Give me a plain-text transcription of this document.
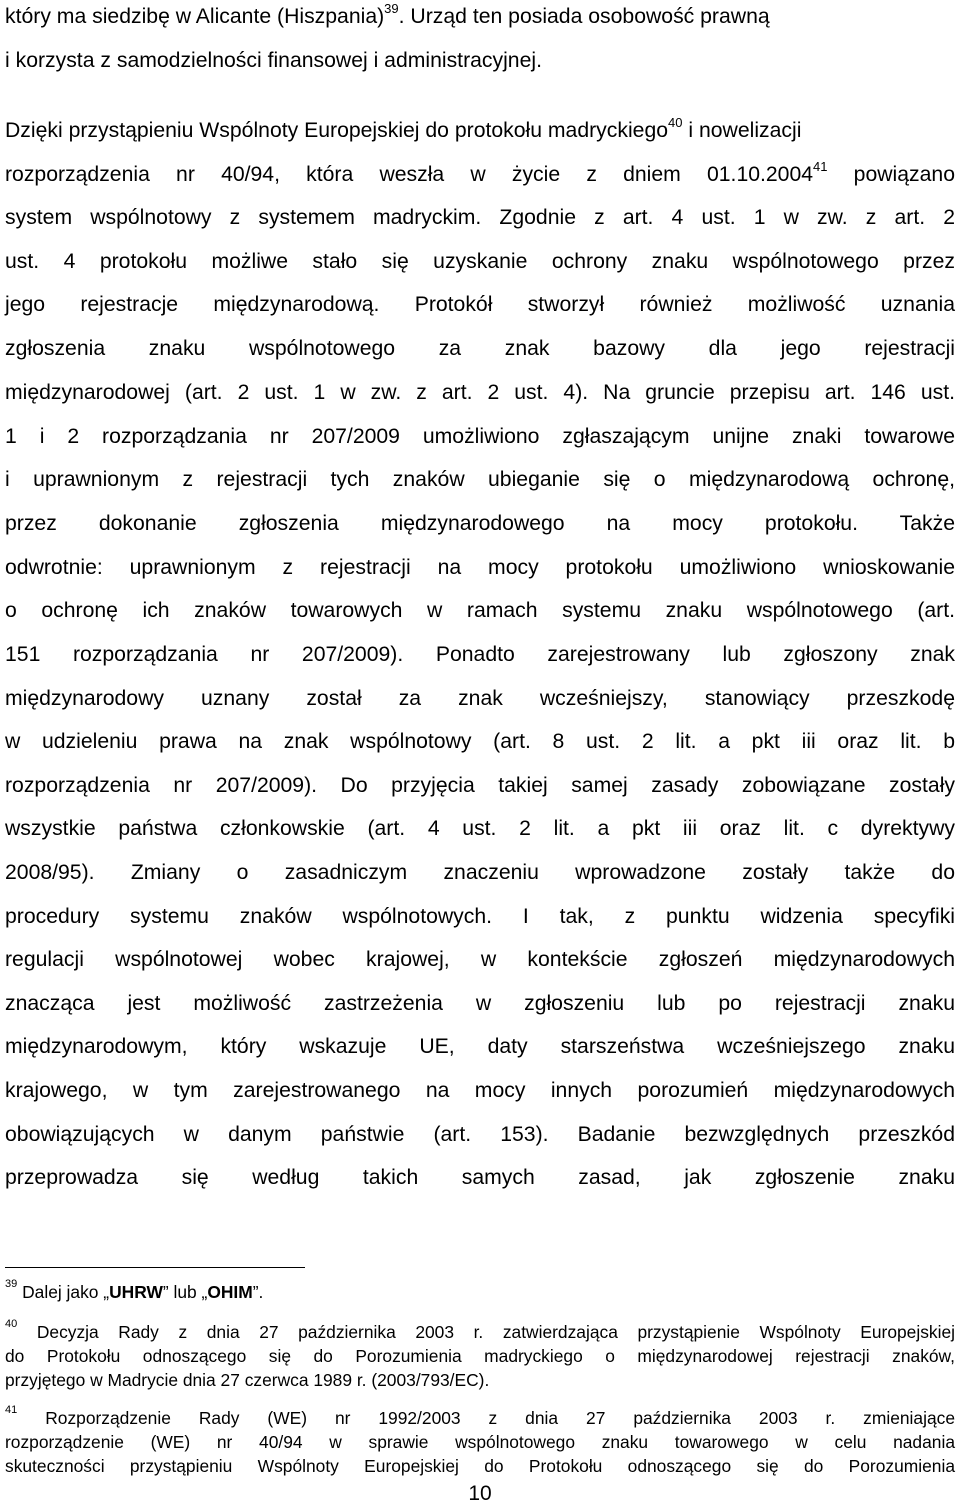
który ma siedzibę w Alicante (Hiszpania)$^{39}$. Urząd ten posiada osobowość prawną
i korzysta z samodzielności finansowej i administracyjnej.
Dzięki przystąpieniu Wspólnoty Europejskiej do protokołu madryckiego$^{40}$ i nowelizacji
rozporządzenia nr 40/94, która weszła w życie z dniem 01.10.2004$^{41}$ powiązano
system wspólnotowy z systemem madryckim. Zgodnie z art. 4 ust. 1 w zw. z art. 2
ust. 4 protokołu możliwe stało się uzyskanie ochrony znaku wspólnotowego przez
jego rejestracje międzynarodową. Protokół stworzył również możliwość uznania
zgłoszenia znaku wspólnotowego za znak bazowy dla jego rejestracji
międzynarodowej (art. 2 ust. 1 w zw. z art. 2 ust. 4). Na gruncie przepisu art. 146 ust.
1 i 2 rozporządzania nr 207/2009 umożliwiono zgłaszającym unijne znaki towarowe
i uprawnionym z rejestracji tych znaków ubieganie się o międzynarodową ochronę,
przez dokonanie zgłoszenia międzynarodowego na mocy protokołu. Także
odwrotnie: uprawnionym z rejestracji na mocy protokołu umożliwiono wnioskowanie
o ochronę ich znaków towarowych w ramach systemu znaku wspólnotowego (art.
151 rozporządzania nr 207/2009). Ponadto zarejestrowany lub zgłoszony znak
międzynarodowy uznany został za znak wcześniejszy, stanowiący przeszkodę
w udzieleniu prawa na znak wspólnotowy (art. 8 ust. 2 lit. a pkt iii oraz lit. b
rozporządzenia nr 207/2009). Do przyjęcia takiej samej zasady zobowiązane zostały
wszystkie państwa członkowskie (art. 4 ust. 2 lit. a pkt iii oraz lit. c dyrektywy
2008/95). Zmiany o zasadniczym znaczeniu wprowadzone zostały także do
procedury systemu znaków wspólnotowych. I tak, z punktu widzenia specyfiki
regulacji wspólnotowej wobec krajowej, w kontekście zgłoszeń międzynarodowych
znacząca jest możliwość zastrzeżenia w zgłoszeniu lub po rejestracji znaku
międzynarodowym, który wskazuje UE, daty starszeństwa wcześniejszego znaku
krajowego, w tym zarejestrowanego na mocy innych porozumień międzynarodowych
obowiązujących w danym państwie (art. 153). Badanie bezwzględnych przeszkód
przeprowadza się według takich samych zasad, jak zgłoszenie znaku
$^{39}$ Dalej jako „UHRW” lub „OHIM”.
$^{40}$ Decyzja Rady z dnia 27 października 2003 r. zatwierdzająca przystąpienie Wspólnoty Europejskiej
do Protokołu odnoszącego się do Porozumienia madryckiego o międzynarodowej rejestracji znaków,
przyjętego w Madrycie dnia 27 czerwca 1989 r. (2003/793/EC).
$^{41}$ Rozporządzenie Rady (WE) nr 1992/2003 z dnia 27 października 2003 r. zmieniające
rozporządzenie (WE) nr 40/94 w sprawie wspólnotowego znaku towarowego w celu nadania
skuteczności przystąpieniu Wspólnoty Europejskiej do Protokołu odnoszącego się do Porozumienia
10
